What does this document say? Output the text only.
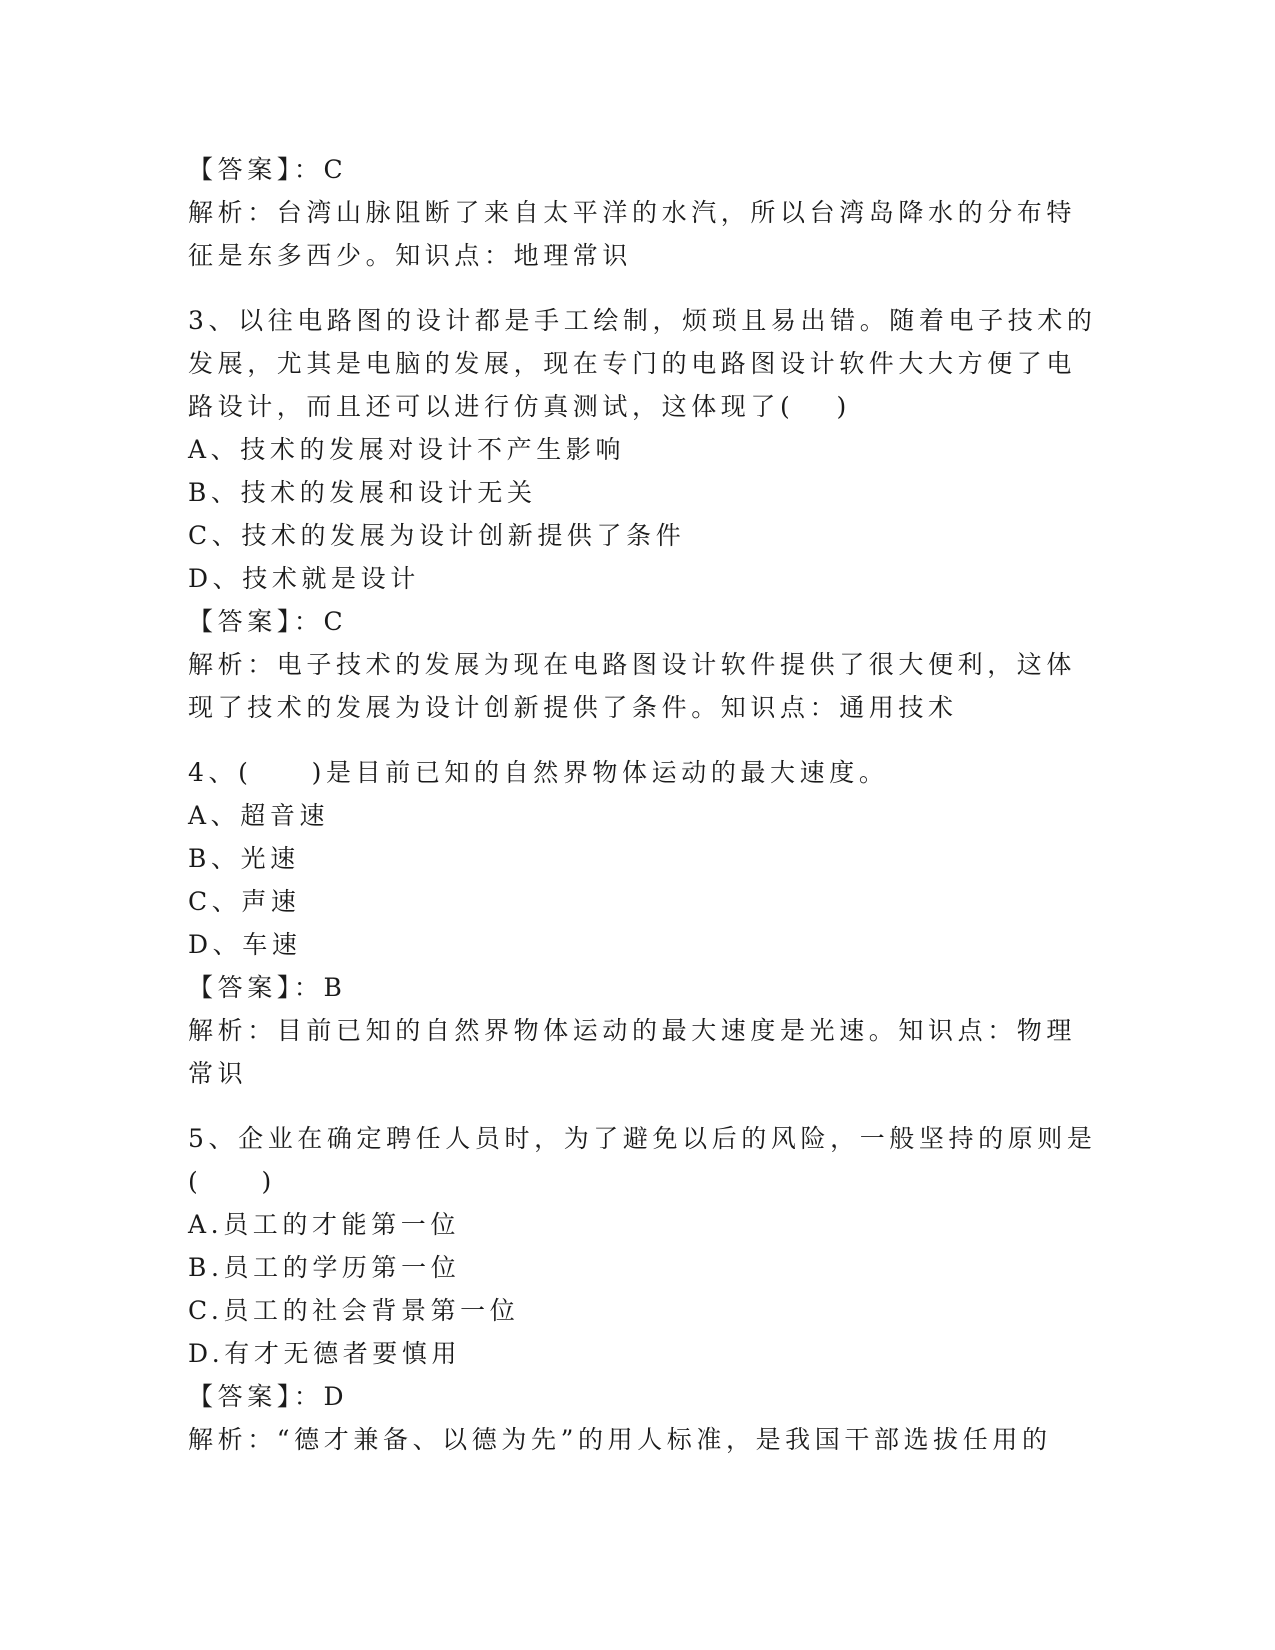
【答案】：C
解析：台湾山脉阻断了来自太平洋的水汽，所以台湾岛降水的分布特
征是东多西少。知识点：地理常识
3、以往电路图的设计都是手工绘制，烦琐且易出错。随着电子技术的
发展，尤其是电脑的发展，现在专门的电路图设计软件大大方便了电
路设计，而且还可以进行仿真测试，这体现了(　 )
A、技术的发展对设计不产生影响
B、技术的发展和设计无关
C、技术的发展为设计创新提供了条件
D、技术就是设计
【答案】：C
解析：电子技术的发展为现在电路图设计软件提供了很大便利，这体
现了技术的发展为设计创新提供了条件。知识点：通用技术
4、(　　)是目前已知的自然界物体运动的最大速度。
A、超音速
B、光速
C、声速
D、车速
【答案】：B
解析：目前已知的自然界物体运动的最大速度是光速。知识点：物理
常识
5、企业在确定聘任人员时，为了避免以后的风险，一般坚持的原则是
(　　)
A.员工的才能第一位
B.员工的学历第一位
C.员工的社会背景第一位
D.有才无德者要慎用
【答案】：D
解析：“德才兼备、以德为先”的用人标准，是我国干部选拔任用的
